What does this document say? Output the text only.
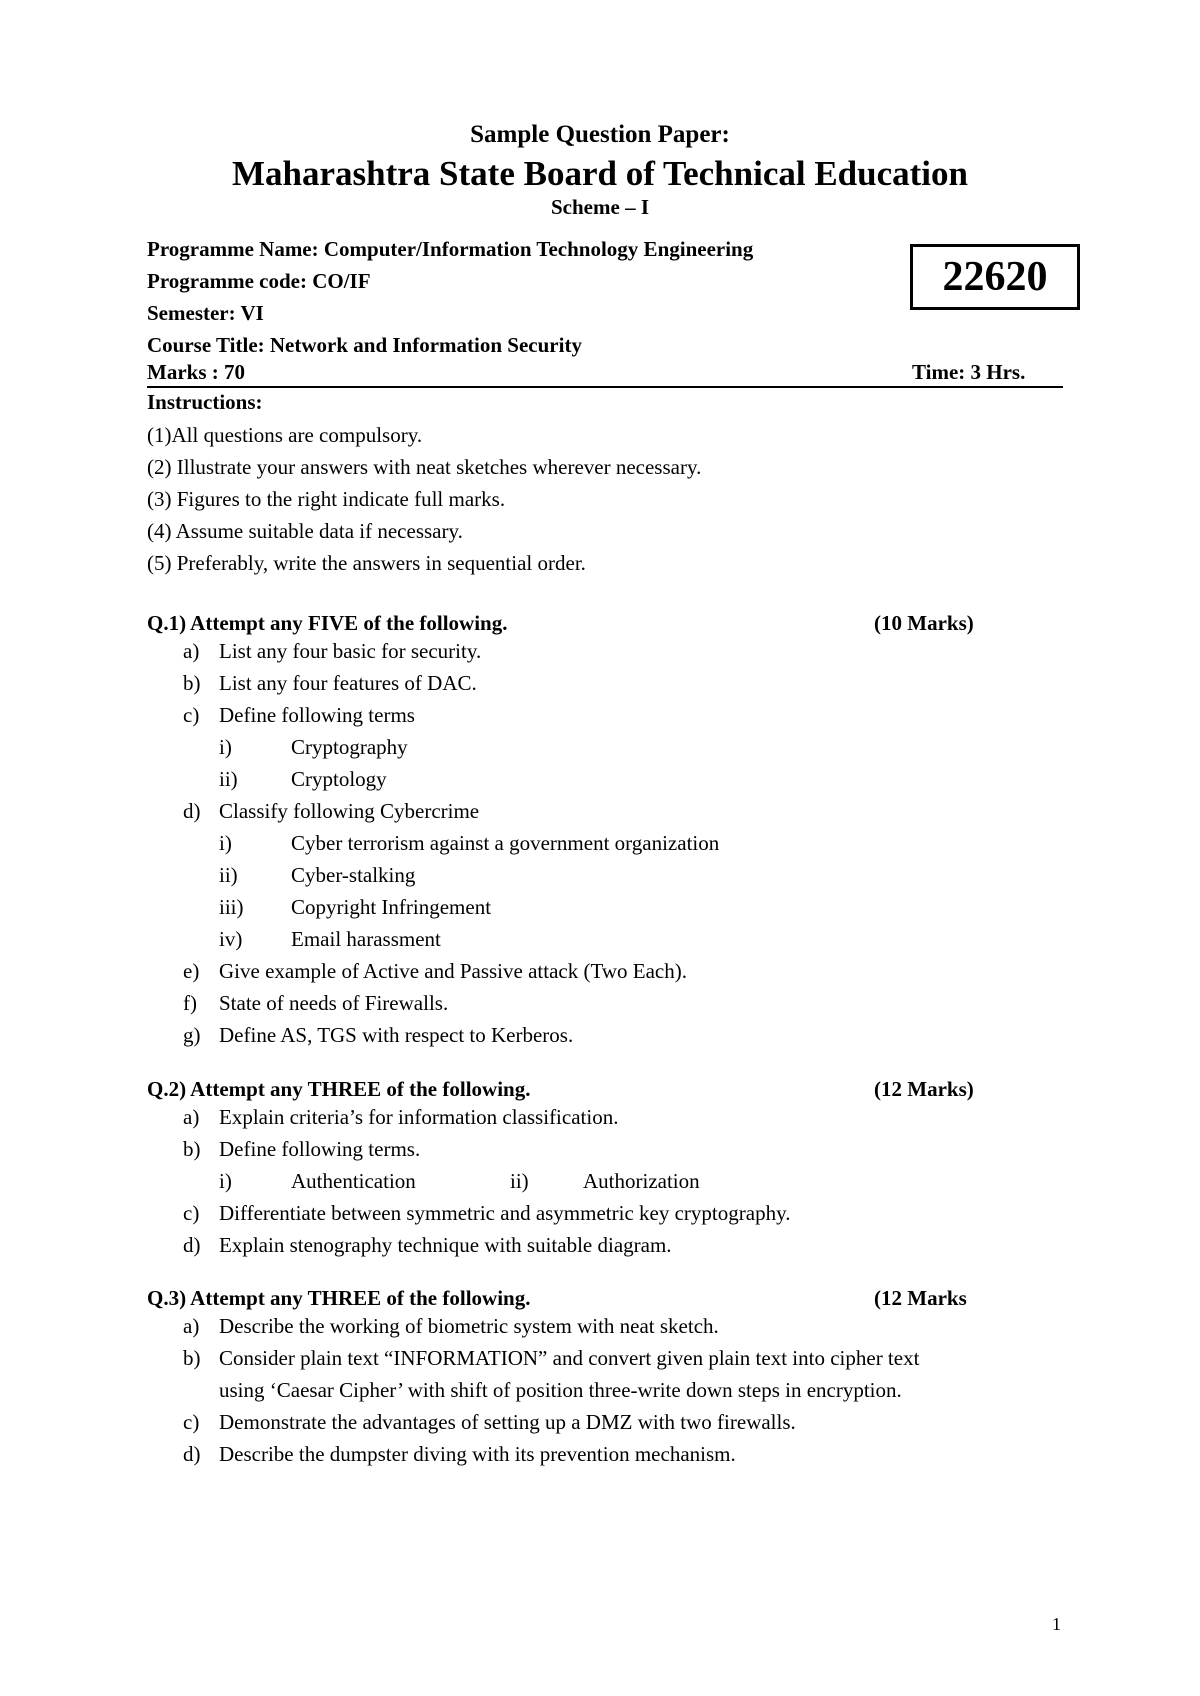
Sample Question Paper:
Maharashtra State Board of Technical Education
Scheme – I
Programme Name: Computer/Information Technology Engineering
Programme code: CO/IF
Semester: VI
Course Title: Network and Information Security
Marks : 70	Time: 3 Hrs.
22620
Instructions:
(1)All questions are compulsory.
(2) Illustrate your answers with neat sketches wherever necessary.
(3) Figures to the right indicate full marks.
(4) Assume suitable data if necessary.
(5) Preferably, write the answers in sequential order.
Q.1) Attempt any FIVE of the following.	(10 Marks)
a) List any four basic for security.
b) List any four features of DAC.
c) Define following terms
i)	Cryptography
ii)	Cryptology
d) Classify following Cybercrime
i)	Cyber terrorism against a government organization
ii)	Cyber-stalking
iii) Copyright Infringement
iv) Email harassment
e) Give example of Active and Passive attack (Two Each).
f) State of needs of Firewalls.
g) Define AS, TGS with respect to Kerberos.
Q.2) Attempt any THREE of the following.	(12 Marks)
a) Explain criteria’s for information classification.
b) Define following terms.
i)	Authentication	ii)	Authorization
c) Differentiate between symmetric and asymmetric key cryptography.
d) Explain stenography technique with suitable diagram.
Q.3) Attempt any THREE of the following.	(12 Marks
a) Describe the working of biometric system with neat sketch.
b) Consider plain text “INFORMATION” and convert given plain text into cipher text
using ‘Caesar Cipher’ with shift of position three-write down steps in encryption.
c) Demonstrate the advantages of setting up a DMZ with two firewalls.
d) Describe the dumpster diving with its prevention mechanism.
1
